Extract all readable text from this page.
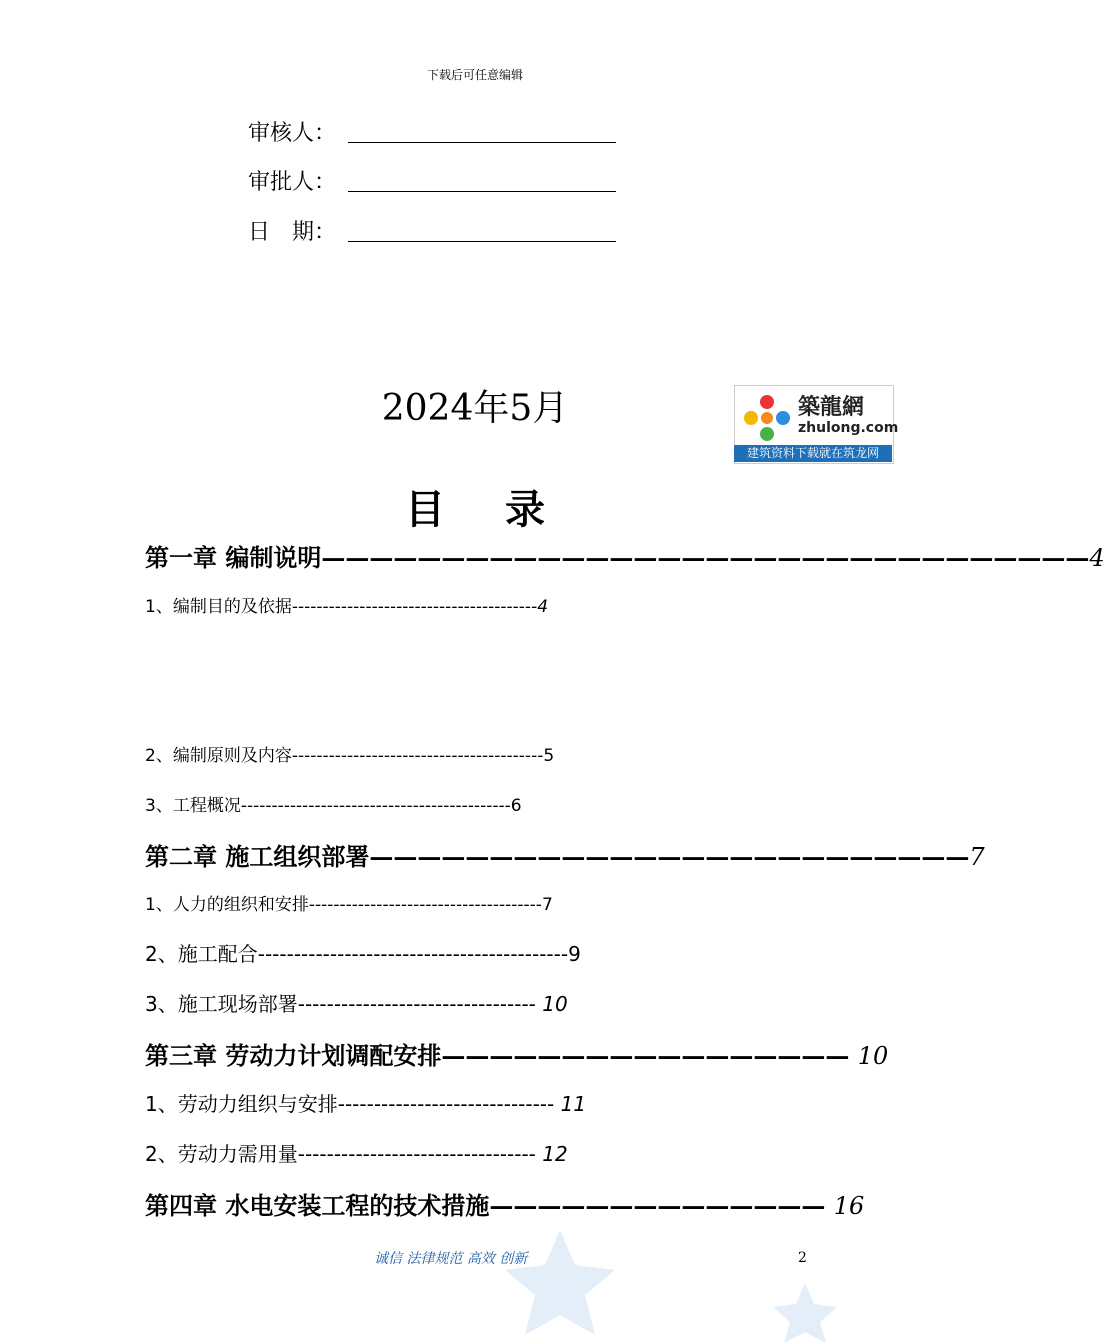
下载后可任意编辑
审核人：
审批人：
日　期：
2024年5月	築龍網
zhulong.com
建筑资料下载就在筑龙网
目录
第一章 编制说明————————————————————————————————4
1、编制目的及依据----------------------------------------4
2、编制原则及内容-----------------------------------------5
3、工程概况--------------------------------------------6
第二章 施工组织部署—————————————————————————7
1、人力的组织和安排--------------------------------------7
2、施工配合-------------------------------------------9
3、施工现场部署--------------------------------- 10
第三章 劳动力计划调配安排————————————————— 10
1、劳动力组织与安排------------------------------ 11
2、劳动力需用量--------------------------------- 12
第四章 水电安装工程的技术措施—————————————— 16
诚信 法律规范 高效 创新	2
